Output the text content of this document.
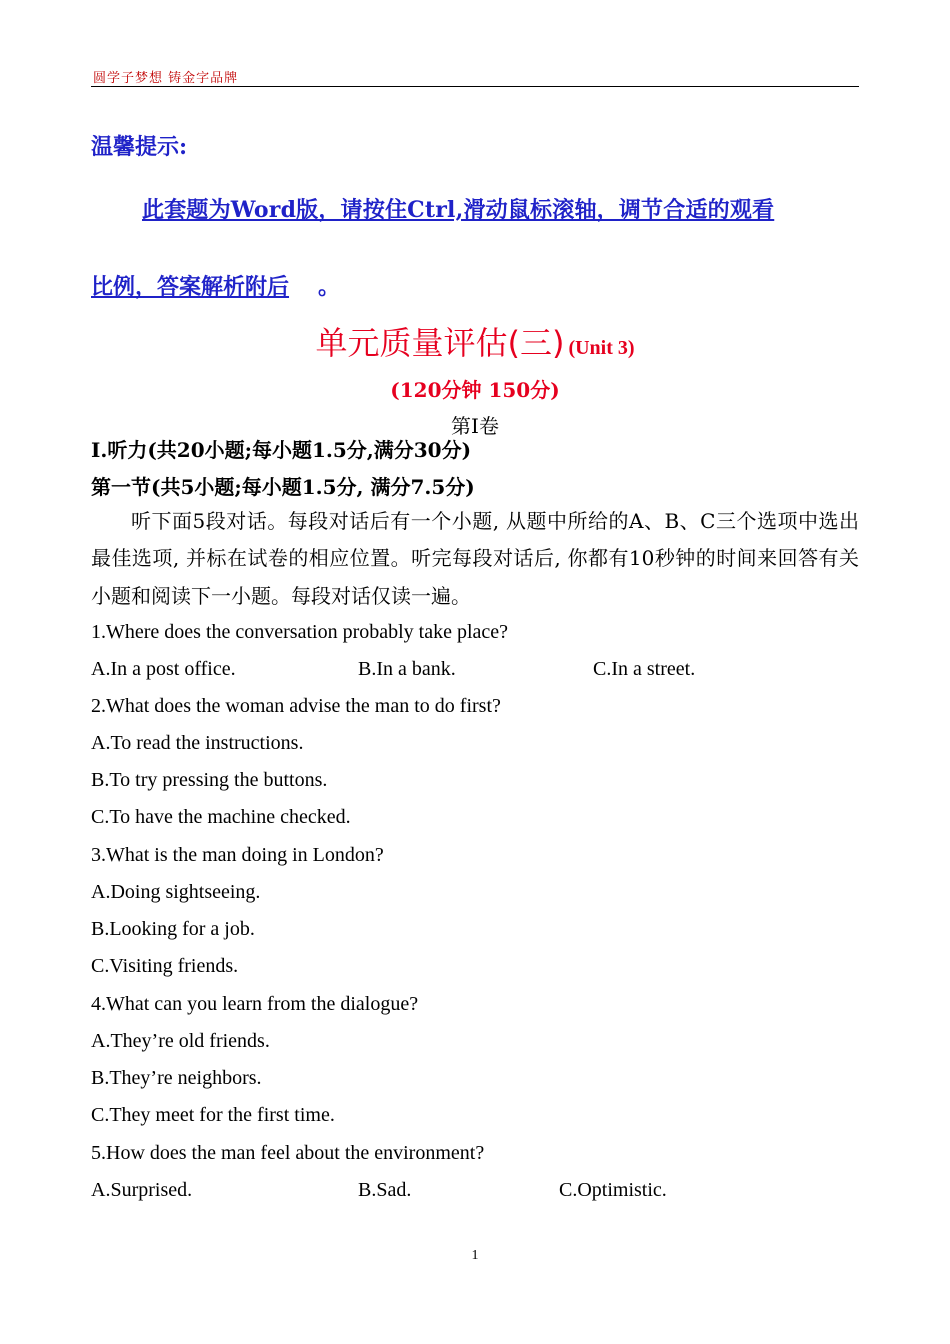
圆学子梦想 铸金字品牌
温馨提示:
此套题为Word版，请按住Ctrl,滑动鼠标滚轴，调节合适的观看
比例，答案解析附后 。
单元质量评估(三) (Unit 3)
(120分钟 150分)
第Ⅰ卷
I.听力(共20小题;每小题1.5分,满分30分)
第一节(共5小题;每小题1.5分, 满分7.5分)
听下面5段对话。每段对话后有一个小题, 从题中所给的A、B、C三个选项中选出最佳选项, 并标在试卷的相应位置。听完每段对话后, 你都有10秒钟的时间来回答有关小题和阅读下一小题。每段对话仅读一遍。
1.Where does the conversation probably take place?
A.In a post office.	B.In a bank.	C.In a street.
2.What does the woman advise the man to do first?
A.To read the instructions.
B.To try pressing the buttons.
C.To have the machine checked.
3.What is the man doing in London?
A.Doing sightseeing.
B.Looking for a job.
C.Visiting friends.
4.What can you learn from the dialogue?
A.They’re old friends.
B.They’re neighbors.
C.They meet for the first time.
5.How does the man feel about the environment?
A.Surprised.	B.Sad.	C.Optimistic.
1
